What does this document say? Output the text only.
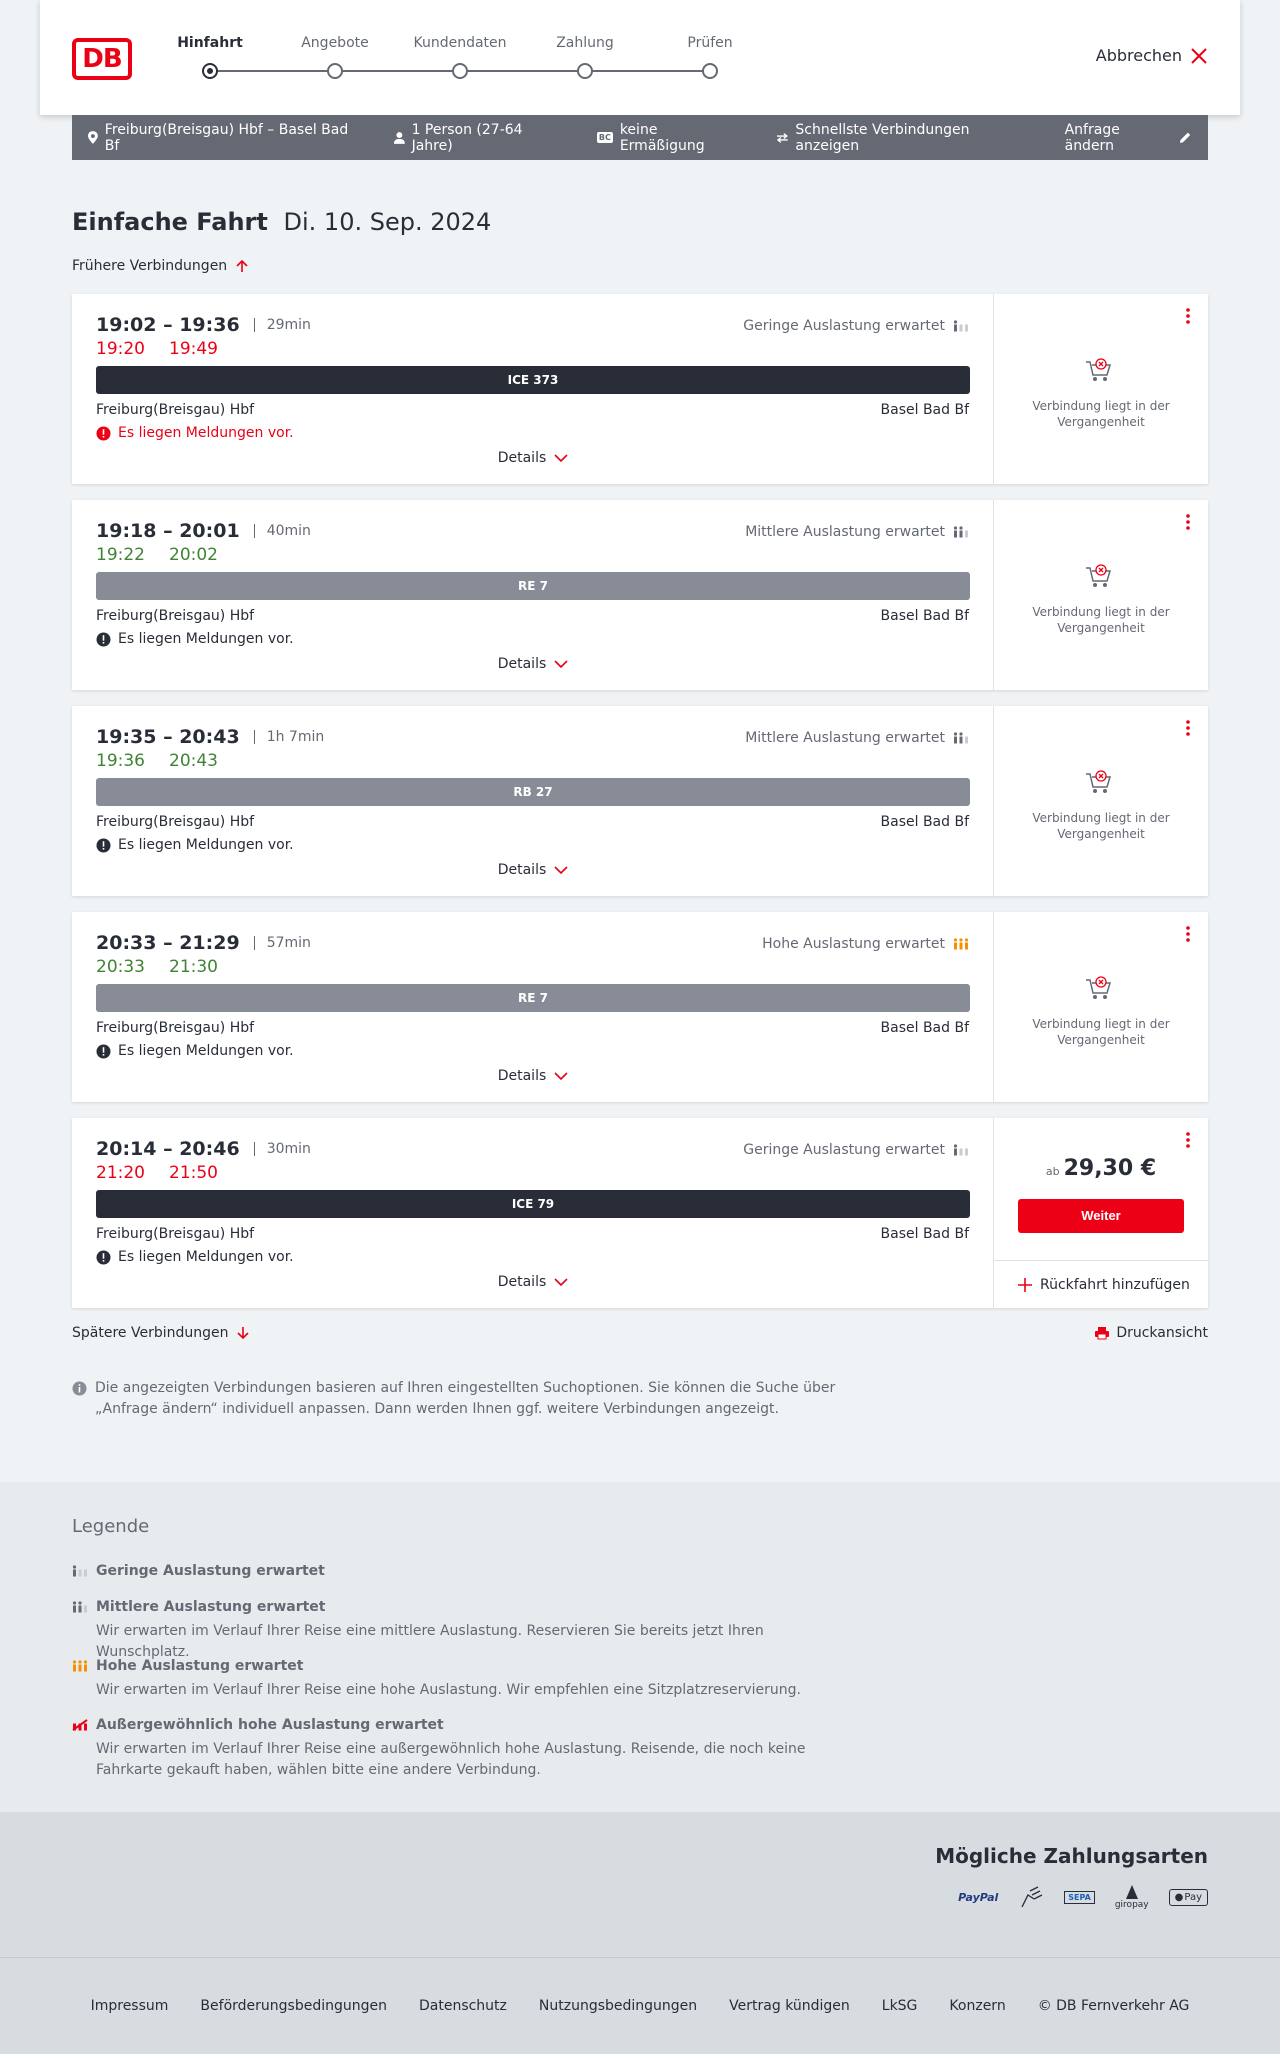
DB
Hinfahrt	Angebote	Kundendaten	Zahlung	Prüfen
Abbrechen
Freiburg(Breisgau) Hbf – Basel Bad Bf
1 Person (27-64 Jahre)	BC keine Ermäßigung
Schnellste Verbindungen anzeigen
Anfrage ändern
Einfache Fahrt Di. 10. Sep. 2024
Frühere Verbindungen
19:02 – 19:36	29min
19:20 19:49
Geringe Auslastung erwartet
ICE 373
Freiburg(Breisgau) Hbf	Basel Bad Bf
Es liegen Meldungen vor.
Details
Verbindung liegt in der Vergangenheit
19:18 – 20:01	40min
19:22 20:02
Mittlere Auslastung erwartet
RE 7
Freiburg(Breisgau) Hbf	Basel Bad Bf
Es liegen Meldungen vor.
Details
Verbindung liegt in der Vergangenheit
19:35 – 20:43	1h 7min
19:36 20:43
Mittlere Auslastung erwartet
RB 27
Freiburg(Breisgau) Hbf	Basel Bad Bf
Es liegen Meldungen vor.
Details
Verbindung liegt in der Vergangenheit
20:33 – 21:29	57min
20:33 21:30
Hohe Auslastung erwartet
RE 7
Freiburg(Breisgau) Hbf	Basel Bad Bf
Es liegen Meldungen vor.
Details
Verbindung liegt in der Vergangenheit
20:14 – 20:46	30min
21:20 21:50
Geringe Auslastung erwartet
ICE 79
Freiburg(Breisgau) Hbf	Basel Bad Bf
Es liegen Meldungen vor.
Details
ab 29,30 €
Weiter
Rückfahrt hinzufügen
Spätere Verbindungen	Druckansicht
Die angezeigten Verbindungen basieren auf Ihren eingestellten Suchoptionen. Sie können die Suche über „Anfrage ändern“ individuell anpassen. Dann werden Ihnen ggf. weitere Verbindungen angezeigt.
Legende
Geringe Auslastung erwartet
Mittlere Auslastung erwartet
Wir erwarten im Verlauf Ihrer Reise eine mittlere Auslastung. Reservieren Sie bereits jetzt Ihren Wunschplatz.
Hohe Auslastung erwartet
Wir erwarten im Verlauf Ihrer Reise eine hohe Auslastung. Wir empfehlen eine Sitzplatzreservierung.
Außergewöhnlich hohe Auslastung erwartet
Wir erwarten im Verlauf Ihrer Reise eine außergewöhnlich hohe Auslastung. Reisende, die noch keine Fahrkarte gekauft haben, wählen bitte eine andere Verbindung.
Mögliche Zahlungsarten
PayPal	SEPA
giropay
● Pay
Impressum Beförderungsbedingungen Datenschutz Nutzungsbedingungen Vertrag kündigen LkSG Konzern © DB Fernverkehr AG
